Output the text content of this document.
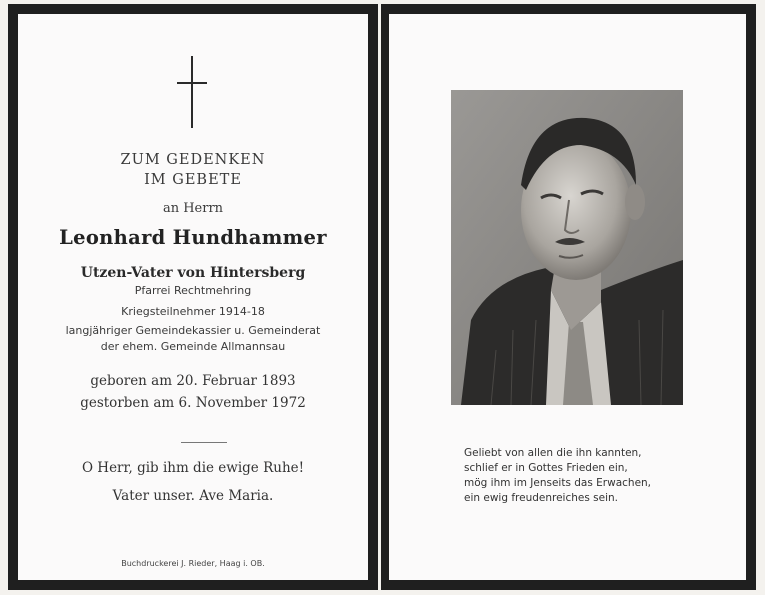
ZUM GEDENKEN
IM GEBETE
an Herrn
Leonhard Hundhammer
Utzen-Vater von Hintersberg
Pfarrei Rechtmehring
Kriegsteilnehmer 1914-18
langjähriger Gemeindekassier u. Gemeinderat
der ehem. Gemeinde Allmannsau
geboren am 20. Februar 1893
gestorben am 6. November 1972
O Herr, gib ihm die ewige Ruhe!
Vater unser. Ave Maria.
Buchdruckerei J. Rieder, Haag i. OB.
Geliebt von allen die ihn kannten,
schlief er in Gottes Frieden ein,
mög ihm im Jenseits das Erwachen,
ein ewig freudenreiches sein.
